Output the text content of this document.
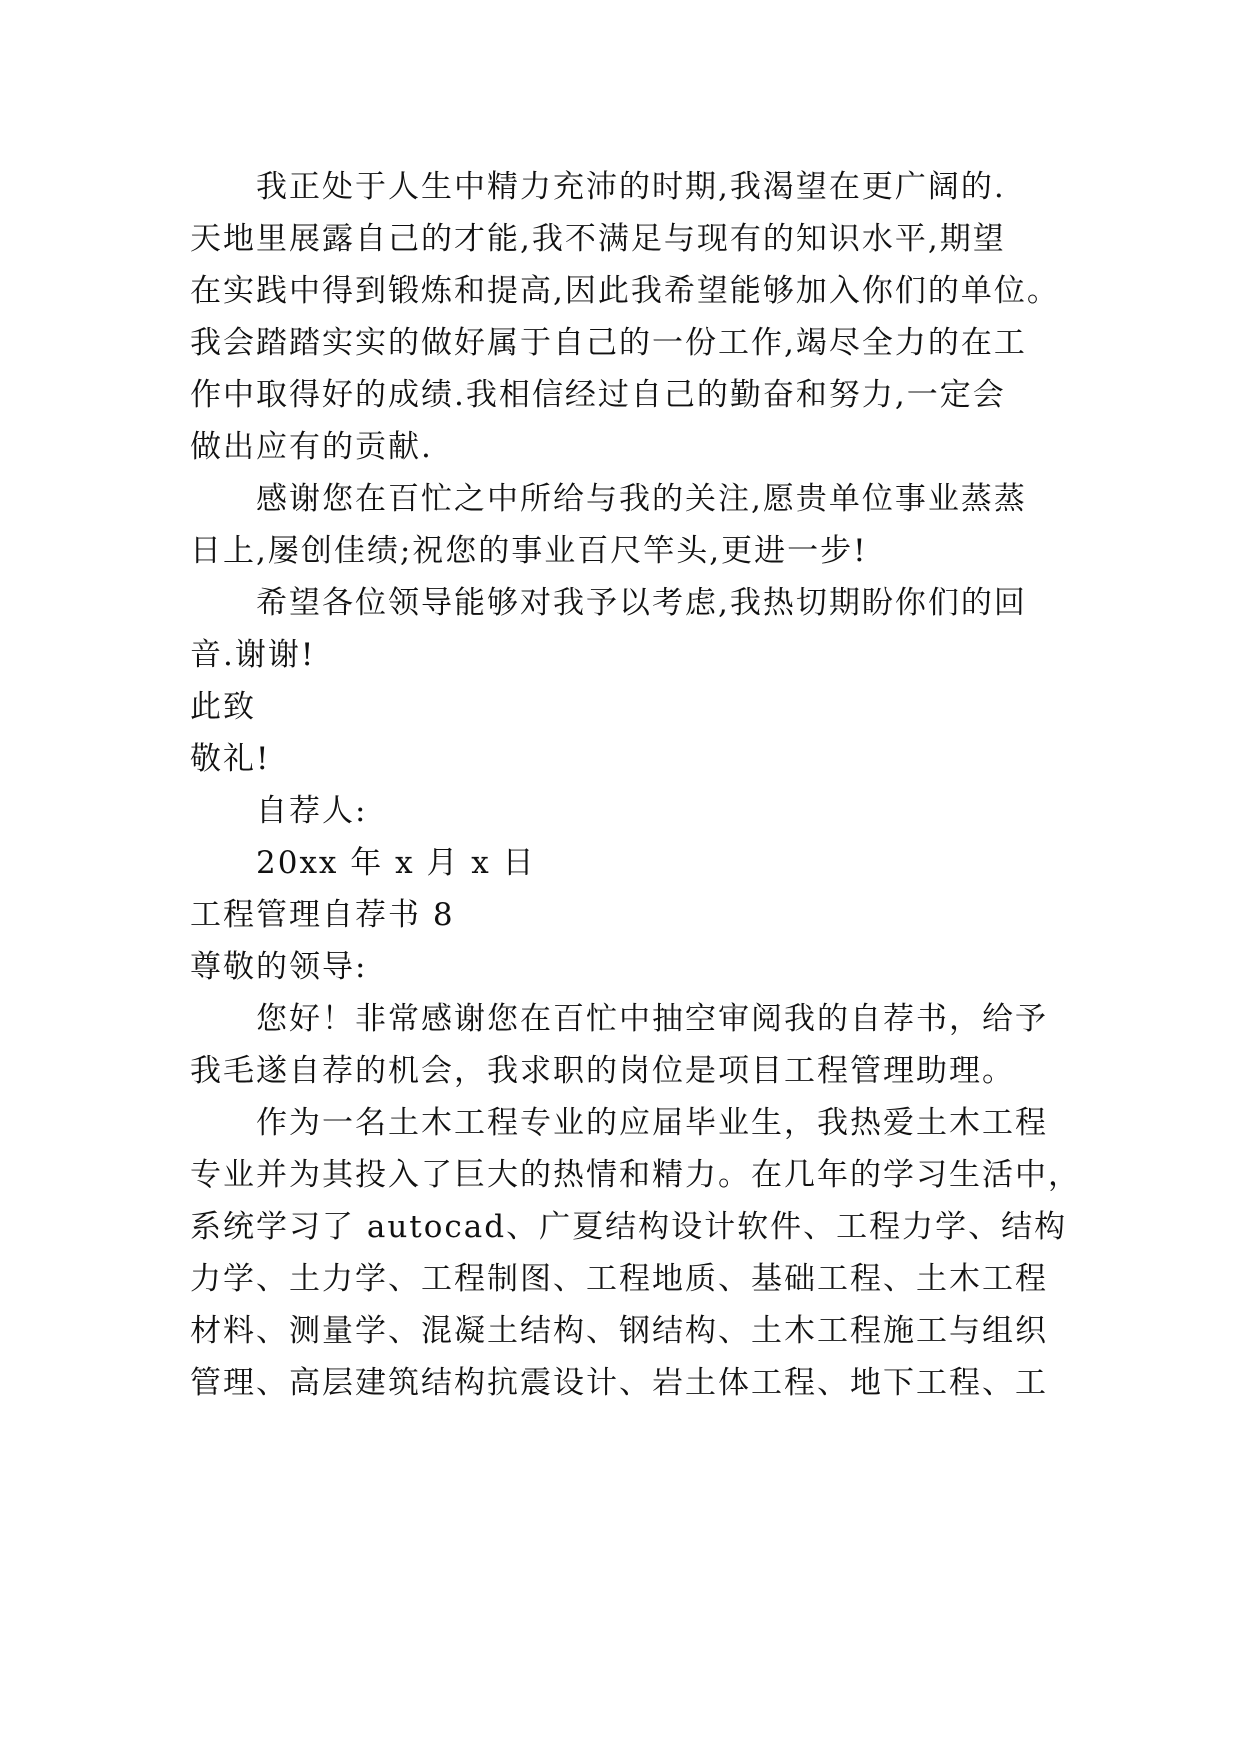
我正处于人生中精力充沛的时期,我渴望在更广阔的.
天地里展露自己的才能,我不满足与现有的知识水平,期望
在实践中得到锻炼和提高,因此我希望能够加入你们的单位。
我会踏踏实实的做好属于自己的一份工作,竭尽全力的在工
作中取得好的成绩.我相信经过自己的勤奋和努力,一定会
做出应有的贡献.
感谢您在百忙之中所给与我的关注,愿贵单位事业蒸蒸
日上,屡创佳绩;祝您的事业百尺竿头,更进一步!
希望各位领导能够对我予以考虑,我热切期盼你们的回
音.谢谢!
此致
敬礼!
自荐人:
20xx 年 x 月 x 日
工程管理自荐书 8
尊敬的领导:
您好！非常感谢您在百忙中抽空审阅我的自荐书，给予
我毛遂自荐的机会，我求职的岗位是项目工程管理助理。
作为一名土木工程专业的应届毕业生，我热爱土木工程
专业并为其投入了巨大的热情和精力。在几年的学习生活中，
系统学习了 autocad、广夏结构设计软件、工程力学、结构
力学、土力学、工程制图、工程地质、基础工程、土木工程
材料、测量学、混凝土结构、钢结构、土木工程施工与组织
管理、高层建筑结构抗震设计、岩土体工程、地下工程、工
